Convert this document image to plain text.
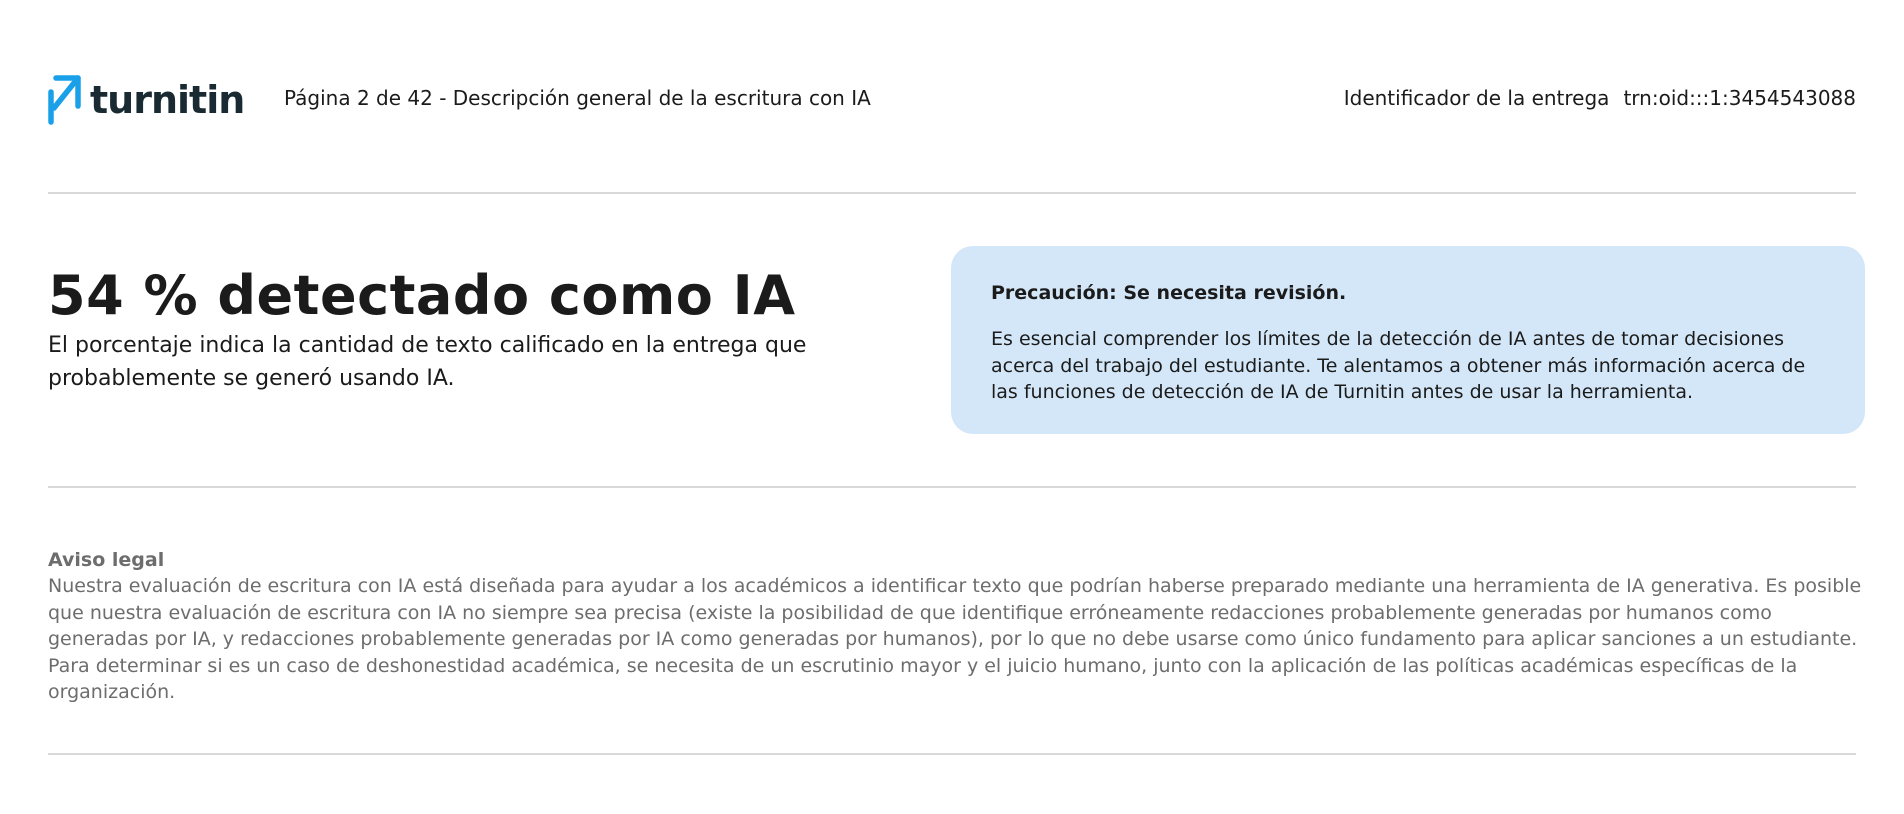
turnitin Página 2 de 42 - Descripción general de la escritura con IA	Identificador de la entrega trn:oid:::1:3454543088
54 % detectado como IA
El porcentaje indica la cantidad de texto calificado en la entrega que probablemente se generó usando IA.

Precaución: Se necesita revisión.

Es esencial comprender los límites de la detección de IA antes de tomar decisiones acerca del trabajo del estudiante. Te alentamos a obtener más información acerca de las funciones de detección de IA de Turnitin antes de usar la herramienta.

Aviso legal

Nuestra evaluación de escritura con IA está diseñada para ayudar a los académicos a identificar texto que podrían haberse preparado mediante una herramienta de IA generativa. Es posible que nuestra evaluación de escritura con IA no siempre sea precisa (existe la posibilidad de que identifique erróneamente redacciones probablemente generadas por humanos como generadas por IA, y redacciones probablemente generadas por IA como generadas por humanos), por lo que no debe usarse como único fundamento para aplicar sanciones a un estudiante. Para determinar si es un caso de deshonestidad académica, se necesita de un escrutinio mayor y el juicio humano, junto con la aplicación de las políticas académicas específicas de la organización.
